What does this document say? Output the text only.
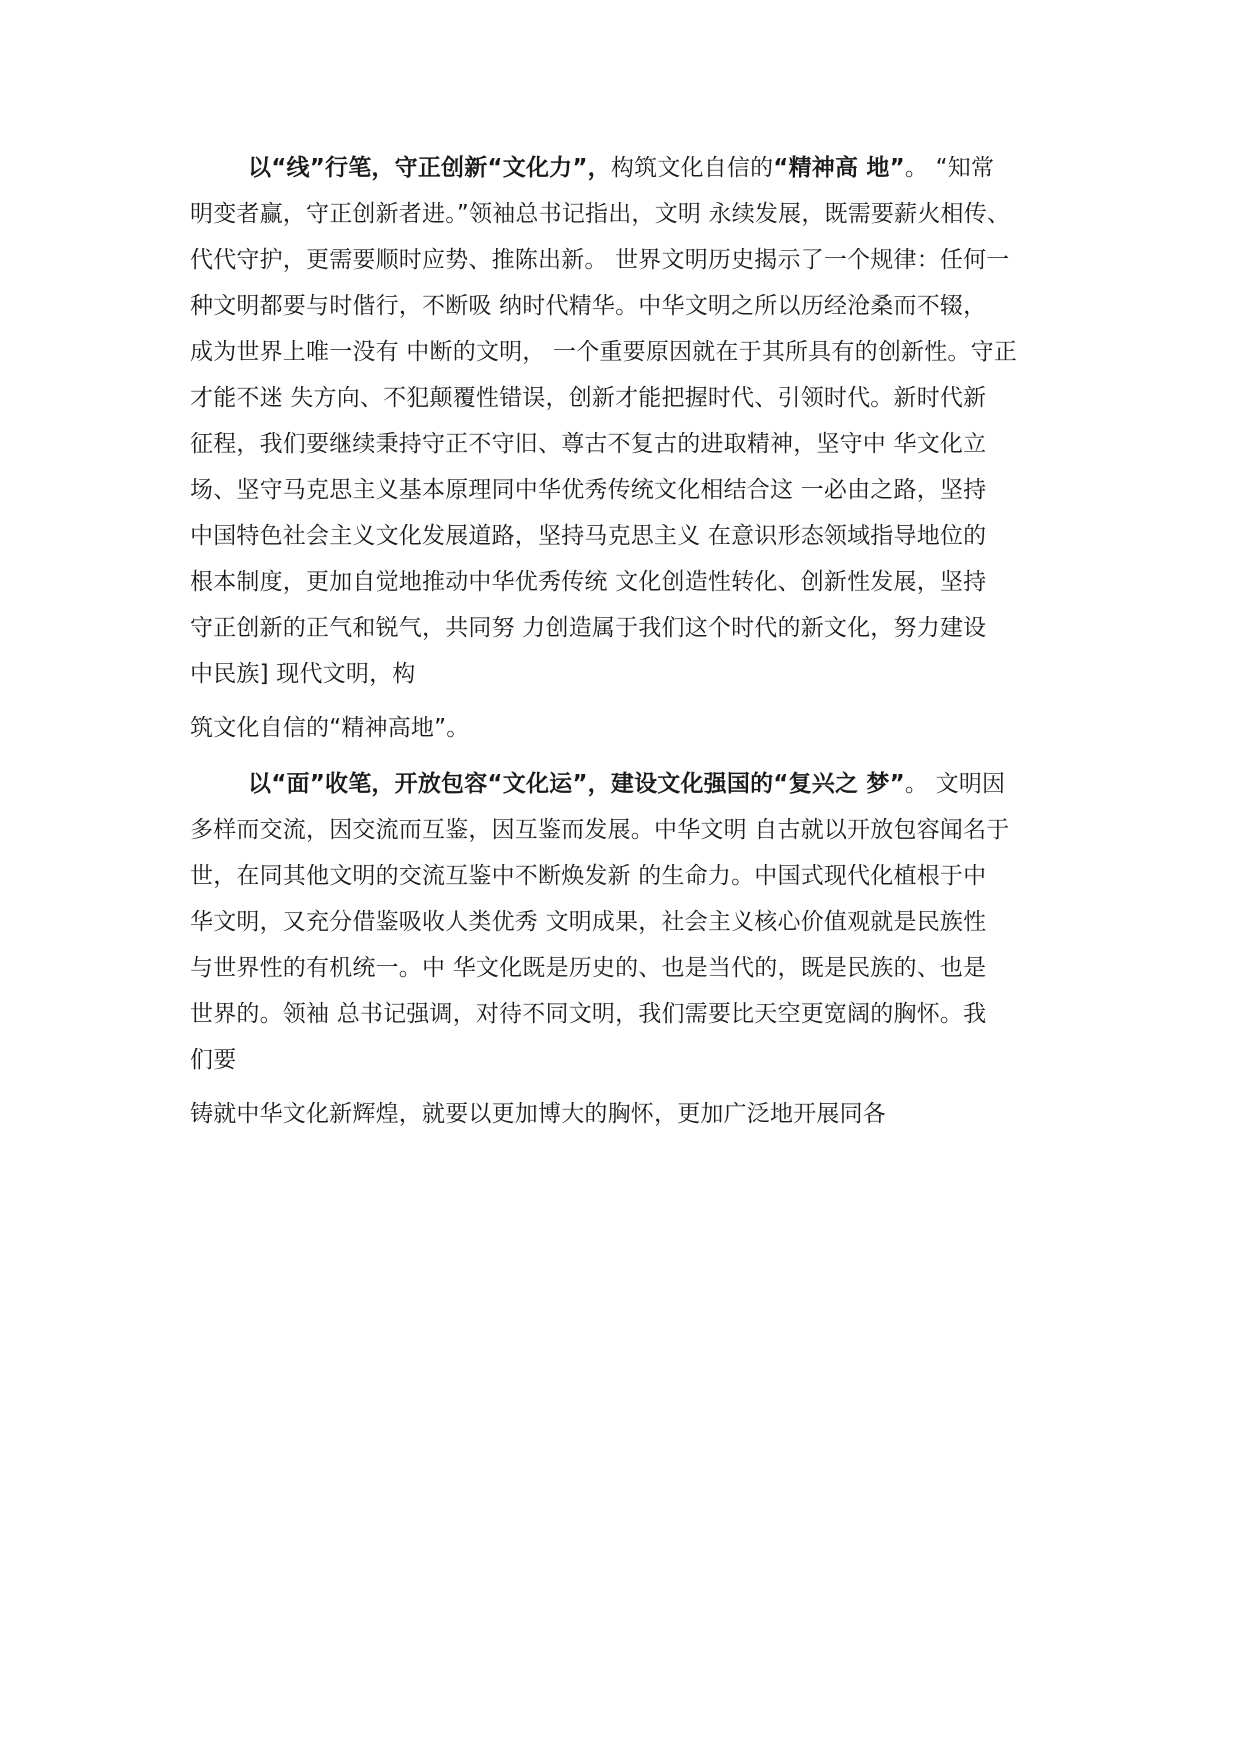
以“线”行笔，守正创新“文化力”，构筑文化自信的“精神高 地”。 “知常
明变者赢，守正创新者进。”领袖总书记指出，文明 永续发展，既需要薪火相传、
代代守护，更需要顺时应势、推陈出新。 世界文明历史揭示了一个规律：任何一
种文明都要与时偕行，不断吸 纳时代精华。中华文明之所以历经沧桑而不辍，
成为世界上唯一没有 中断的文明， 一个重要原因就在于其所具有的创新性。守正
才能不迷 失方向、不犯颠覆性错误，创新才能把握时代、引领时代。新时代新
征程，我们要继续秉持守正不守旧、尊古不复古的进取精神，坚守中 华文化立
场、坚守马克思主义基本原理同中华优秀传统文化相结合这 一必由之路，坚持
中国特色社会主义文化发展道路，坚持马克思主义 在意识形态领域指导地位的
根本制度，更加自觉地推动中华优秀传统 文化创造性转化、创新性发展，坚持
守正创新的正气和锐气，共同努 力创造属于我们这个时代的新文化，努力建设
中民族] 现代文明，构
筑文化自信的“精神高地”。
以“面”收笔，开放包容“文化运”，建设文化强国的“复兴之 梦”。 文明因
多样而交流，因交流而互鉴，因互鉴而发展。中华文明 自古就以开放包容闻名于
世，在同其他文明的交流互鉴中不断焕发新 的生命力。中国式现代化植根于中
华文明，又充分借鉴吸收人类优秀 文明成果，社会主义核心价值观就是民族性
与世界性的有机统一。中 华文化既是历史的、也是当代的，既是民族的、也是
世界的。领袖 总书记强调，对待不同文明，我们需要比天空更宽阔的胸怀。我
们要
铸就中华文化新辉煌，就要以更加博大的胸怀，更加广泛地开展同各
